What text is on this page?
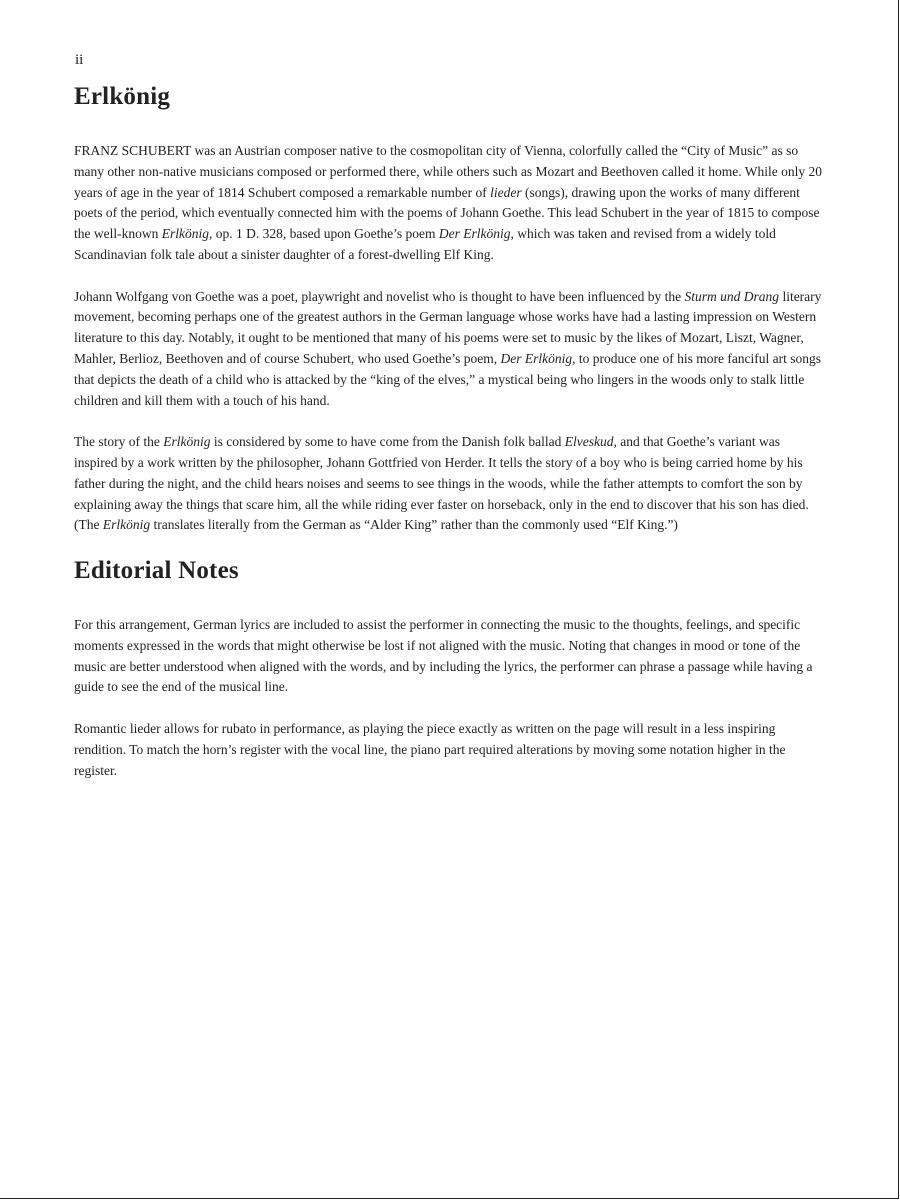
ii
Erlkönig

FRANZ SCHUBERT was an Austrian composer native to the cosmopolitan city of Vienna, colorfully called the “City of Music” as so many other non-native musicians composed or performed there, while others such as Mozart and Beethoven called it home. While only 20 years of age in the year of 1814 Schubert composed a remarkable number of lieder (songs), drawing upon the works of many different poets of the period, which eventually connected him with the poems of Johann Goethe. This lead Schubert in the year of 1815 to compose the well-known Erlkönig, op. 1 D. 328, based upon Goethe’s poem Der Erlkönig, which was taken and revised from a widely told Scandinavian folk tale about a sinister daughter of a forest-dwelling Elf King.

Johann Wolfgang von Goethe was a poet, playwright and novelist who is thought to have been influenced by the Sturm und Drang literary movement, becoming perhaps one of the greatest authors in the German language whose works have had a lasting impression on Western literature to this day. Notably, it ought to be mentioned that many of his poems were set to music by the likes of Mozart, Liszt, Wagner, Mahler, Berlioz, Beethoven and of course Schubert, who used Goethe’s poem, Der Erlkönig, to produce one of his more fanciful art songs that depicts the death of a child who is attacked by the “king of the elves,” a mystical being who lingers in the woods only to stalk little children and kill them with a touch of his hand.

The story of the Erlkönig is considered by some to have come from the Danish folk ballad Elveskud, and that Goethe’s variant was inspired by a work written by the philosopher, Johann Gottfried von Herder. It tells the story of a boy who is being carried home by his father during the night, and the child hears noises and seems to see things in the woods, while the father attempts to comfort the son by explaining away the things that scare him, all the while riding ever faster on horseback, only in the end to discover that his son has died. (The Erlkönig translates literally from the German as “Alder King” rather than the commonly used “Elf King.”)

Editorial Notes

For this arrangement, German lyrics are included to assist the performer in connecting the music to the thoughts, feelings, and specific moments expressed in the words that might otherwise be lost if not aligned with the music. Noting that changes in mood or tone of the music are better understood when aligned with the words, and by including the lyrics, the performer can phrase a passage while having a guide to see the end of the musical line.

Romantic lieder allows for rubato in performance, as playing the piece exactly as written on the page will result in a less inspiring rendition. To match the horn’s register with the vocal line, the piano part required alterations by moving some notation higher in the register.
